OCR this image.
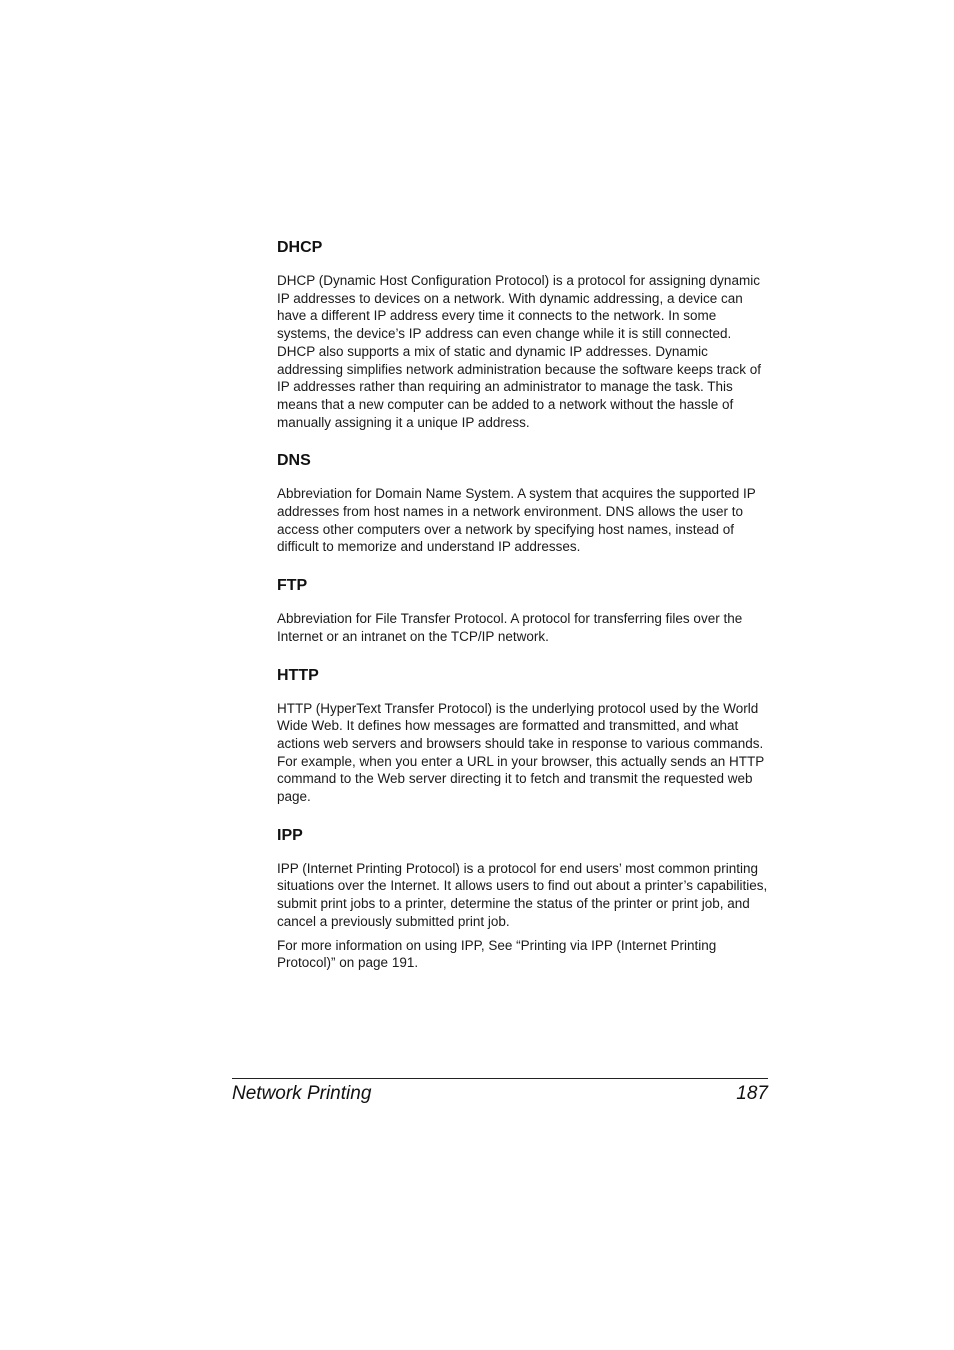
DHCP

DHCP (Dynamic Host Configuration Protocol) is a protocol for assigning dynamic IP addresses to devices on a network. With dynamic addressing, a device can have a different IP address every time it connects to the network. In some systems, the device’s IP address can even change while it is still connected. DHCP also supports a mix of static and dynamic IP addresses. Dynamic addressing simplifies network administration because the software keeps track of IP addresses rather than requiring an administrator to manage the task. This means that a new computer can be added to a network without the hassle of manually assigning it a unique IP address.

DNS

Abbreviation for Domain Name System. A system that acquires the supported IP addresses from host names in a network environment. DNS allows the user to access other computers over a network by specifying host names, instead of difficult to memorize and understand IP addresses.

FTP

Abbreviation for File Transfer Protocol. A protocol for transferring files over the Internet or an intranet on the TCP/IP network.

HTTP

HTTP (HyperText Transfer Protocol) is the underlying protocol used by the World Wide Web. It defines how messages are formatted and transmitted, and what actions web servers and browsers should take in response to various commands. For example, when you enter a URL in your browser, this actually sends an HTTP command to the Web server directing it to fetch and transmit the requested web page.

IPP

IPP (Internet Printing Protocol) is a protocol for end users’ most common printing situations over the Internet. It allows users to find out about a printer’s capabilities, submit print jobs to a printer, determine the status of the printer or print job, and cancel a previously submitted print job.

For more information on using IPP, See “Printing via IPP (Internet Printing Protocol)” on page 191.

Network Printing	187
